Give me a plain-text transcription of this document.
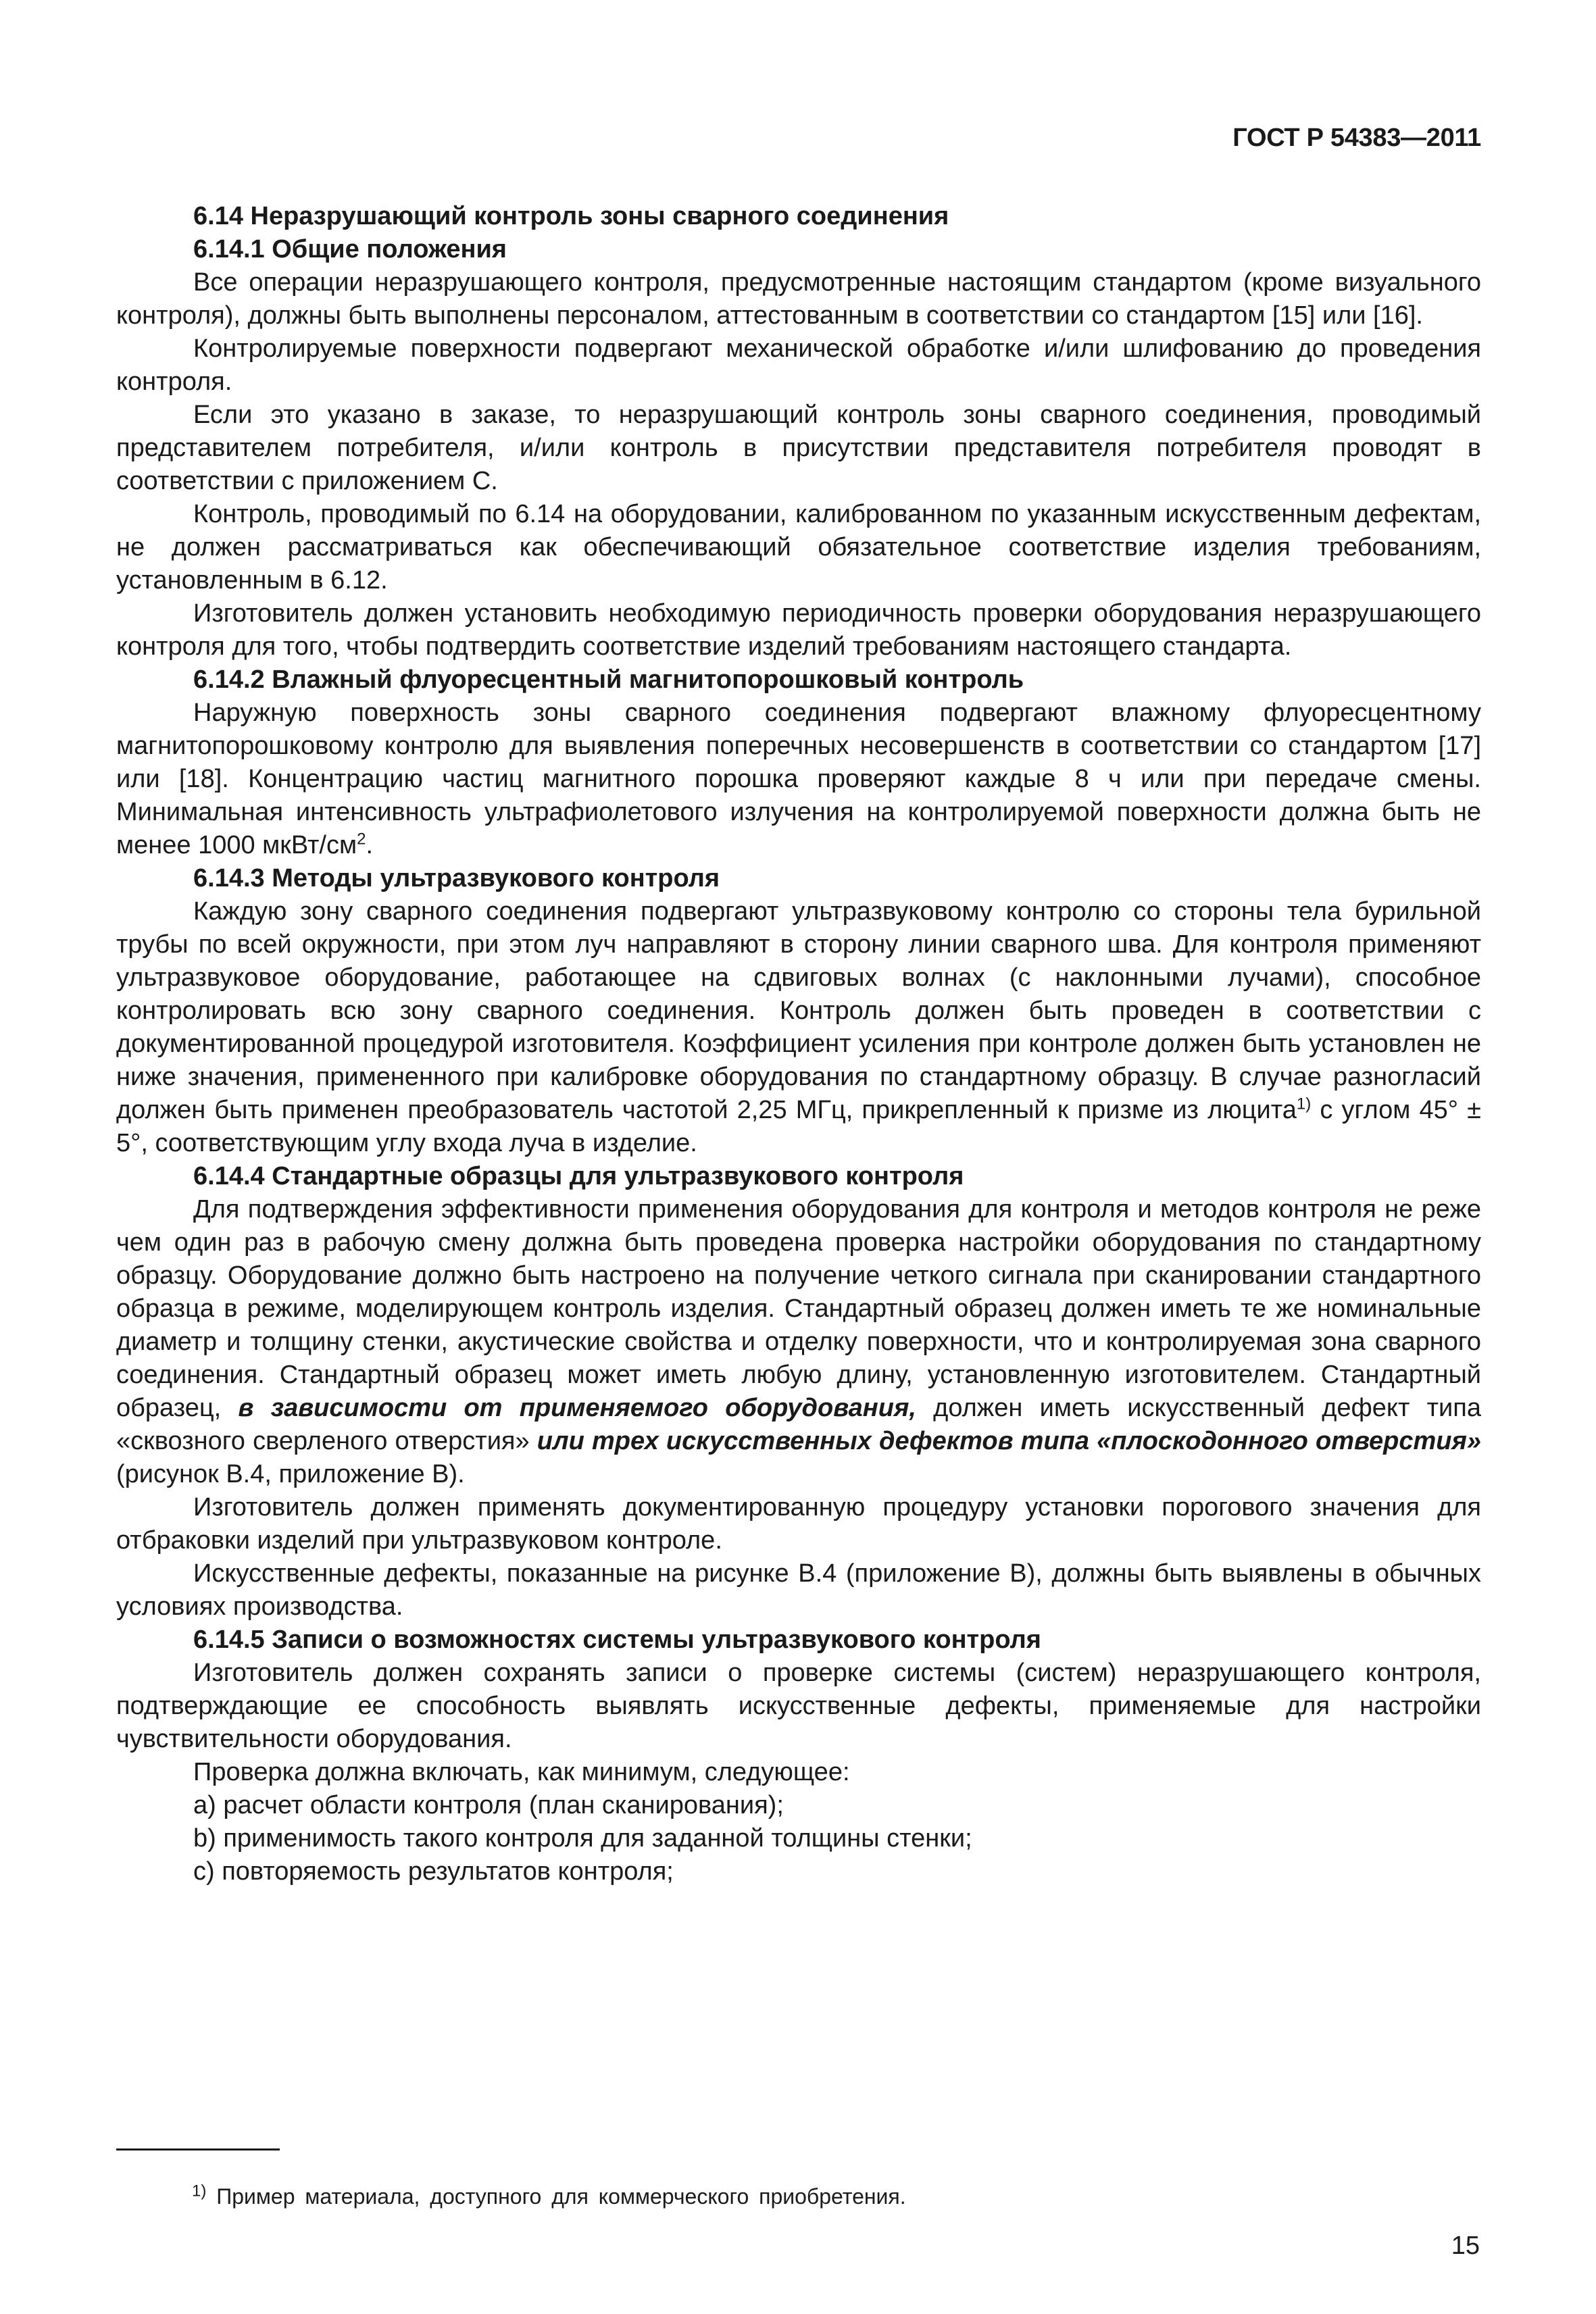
ГОСТ Р 54383—2011

6.14 Неразрушающий контроль зоны сварного соединения

6.14.1 Общие положения

Все операции неразрушающего контроля, предусмотренные настоящим стандартом (кроме визуального контроля), должны быть выполнены персоналом, аттестованным в соответствии со стандартом [15] или [16].

Контролируемые поверхности подвергают механической обработке и/или шлифованию до проведения контроля.

Если это указано в заказе, то неразрушающий контроль зоны сварного соединения, проводимый представителем потребителя, и/или контроль в присутствии представителя потребителя проводят в соответствии с приложением С.

Контроль, проводимый по 6.14 на оборудовании, калиброванном по указанным искусственным дефектам, не должен рассматриваться как обеспечивающий обязательное соответствие изделия требованиям, установленным в 6.12.

Изготовитель должен установить необходимую периодичность проверки оборудования неразрушающего контроля для того, чтобы подтвердить соответствие изделий требованиям настоящего стандарта.

6.14.2 Влажный флуоресцентный магнитопорошковый контроль

Наружную поверхность зоны сварного соединения подвергают влажному флуоресцентному магнитопорошковому контролю для выявления поперечных несовершенств в соответствии со стандартом [17] или [18]. Концентрацию частиц магнитного порошка проверяют каждые 8 ч или при передаче смены. Минимальная интенсивность ультрафиолетового излучения на контролируемой поверхности должна быть не менее 1000 мкВт/$см^2$.

6.14.3 Методы ультразвукового контроля

Каждую зону сварного соединения подвергают ультразвуковому контролю со стороны тела бурильной трубы по всей окружности, при этом луч направляют в сторону линии сварного шва. Для контроля применяют ультразвуковое оборудование, работающее на сдвиговых волнах (с наклонными лучами), способное контролировать всю зону сварного соединения. Контроль должен быть проведен в соответствии с документированной процедурой изготовителя. Коэффициент усиления при контроле должен быть установлен не ниже значения, примененного при калибровке оборудования по стандартному образцу. В случае разногласий должен быть применен преобразователь частотой 2,25 МГц, прикрепленный к призме из люцита$^{1)}$ с углом 45° ± 5°, соответствующим углу входа луча в изделие.

6.14.4 Стандартные образцы для ультразвукового контроля

Для подтверждения эффективности применения оборудования для контроля и методов контроля не реже чем один раз в рабочую смену должна быть проведена проверка настройки оборудования по стандартному образцу. Оборудование должно быть настроено на получение четкого сигнала при сканировании стандартного образца в режиме, моделирующем контроль изделия. Стандартный образец должен иметь те же номинальные диаметр и толщину стенки, акустические свойства и отделку поверхности, что и контролируемая зона сварного соединения. Стандартный образец может иметь любую длину, установленную изготовителем. Стандартный образец, в зависимости от применяемого оборудования, должен иметь искусственный дефект типа «сквозного сверленого отверстия» или трех искусственных дефектов типа «плоскодонного отверстия» (рисунок В.4, приложение В).

Изготовитель должен применять документированную процедуру установки порогового значения для отбраковки изделий при ультразвуковом контроле.

Искусственные дефекты, показанные на рисунке В.4 (приложение В), должны быть выявлены в обычных условиях производства.

6.14.5 Записи о возможностях системы ультразвукового контроля

Изготовитель должен сохранять записи о проверке системы (систем) неразрушающего контроля, подтверждающие ее способность выявлять искусственные дефекты, применяемые для настройки чувствительности оборудования.

Проверка должна включать, как минимум, следующее:

а) расчет области контроля (план сканирования);

b) применимость такого контроля для заданной толщины стенки;

c) повторяемость результатов контроля;

$^{1)}$ Пример материала, доступного для коммерческого приобретения.
15
